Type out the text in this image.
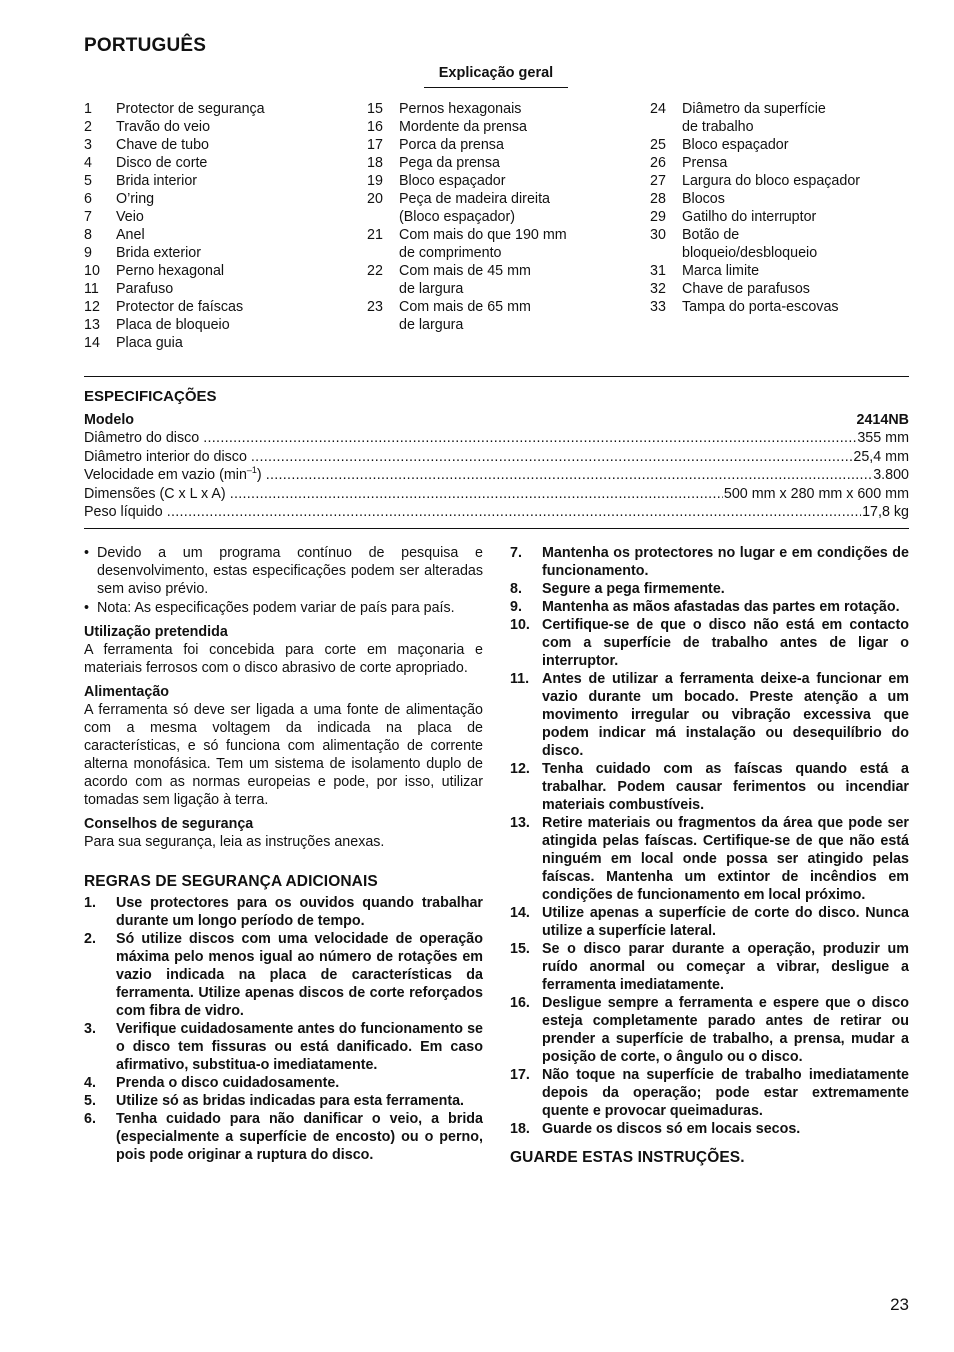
PORTUGUÊS
Explicação geral
1	Protector de segurança
2	Travão do veio
3	Chave de tubo
4	Disco de corte
5	Brida interior
6	O’ring
7	Veio
8	Anel
9	Brida exterior
10	Perno hexagonal
11	Parafuso
12	Protector de faíscas
13	Placa de bloqueio
14	Placa guia
15	Pernos hexagonais
16	Mordente da prensa
17	Porca da prensa
18	Pega da prensa
19	Bloco espaçador
20	Peça de madeira direita
(Bloco espaçador)
21	Com mais do que 190 mm
de comprimento
22	Com mais de 45 mm
de largura
23	Com mais de 65 mm
de largura
24	Diâmetro da superfície
de trabalho
25	Bloco espaçador
26	Prensa
27	Largura do bloco espaçador
28	Blocos
29	Gatilho do interruptor
30	Botão de
bloqueio/desbloqueio
31	Marca limite
32	Chave de parafusos
33	Tampa do porta-escovas
ESPECIFICAÇÕES
Modelo	2414NB
Diâmetro do disco .....	355 mm
Diâmetro interior do disco .....	25,4 mm
Velocidade em vazio $(\min^{-1})$ .....	3.800
Dimensões (C x L x A) .....	500 mm x 280 mm x 600 mm
Peso líquido .....	17,8 kg
• Devido a um programa contínuo de pesquisa e desenvolvimento, estas especificações podem ser alteradas sem aviso prévio.
• Nota: As especificações podem variar de país para país.
Utilização pretendida
A ferramenta foi concebida para corte em maçonaria e materiais ferrosos com o disco abrasivo de corte apropriado.
Alimentação
A ferramenta só deve ser ligada a uma fonte de alimentação com a mesma voltagem da indicada na placa de características, e só funciona com alimentação de corrente alterna monofásica. Tem um sistema de isolamento duplo de acordo com as normas europeias e pode, por isso, utilizar tomadas sem ligação à terra.
Conselhos de segurança
Para sua segurança, leia as instruções anexas.
REGRAS DE SEGURANÇA ADICIONAIS
1.	Use protectores para os ouvidos quando trabalhar durante um longo período de tempo.
2.	Só utilize discos com uma velocidade de operação máxima pelo menos igual ao número de rotações em vazio indicada na placa de características da ferramenta. Utilize apenas discos de corte reforçados com fibra de vidro.
3.	Verifique cuidadosamente antes do funcionamento se o disco tem fissuras ou está danificado. Em caso afirmativo, substitua-o imediatamente.
4.	Prenda o disco cuidadosamente.
5.	Utilize só as bridas indicadas para esta ferramenta.
6.	Tenha cuidado para não danificar o veio, a brida (especialmente a superfície de encosto) ou o perno, pois pode originar a ruptura do disco.
7.	Mantenha os protectores no lugar e em condições de funcionamento.
8.	Segure a pega firmemente.
9.	Mantenha as mãos afastadas das partes em rotação.
10. Certifique-se de que o disco não está em contacto com a superfície de trabalho antes de ligar o interruptor.
11. Antes de utilizar a ferramenta deixe-a funcionar em vazio durante um bocado. Preste atenção a um movimento irregular ou vibração excessiva que podem indicar má instalação ou desequilíbrio do disco.
12. Tenha cuidado com as faíscas quando está a trabalhar. Podem causar ferimentos ou incendiar materiais combustíveis.
13. Retire materiais ou fragmentos da área que pode ser atingida pelas faíscas. Certifique-se de que não está ninguém em local onde possa ser atingido pelas faíscas. Mantenha um extintor de incêndios em condições de funcionamento em local próximo.
14. Utilize apenas a superfície de corte do disco. Nunca utilize a superfície lateral.
15. Se o disco parar durante a operação, produzir um ruído anormal ou começar a vibrar, desligue a ferramenta imediatamente.
16. Desligue sempre a ferramenta e espere que o disco esteja completamente parado antes de retirar ou prender a superfície de trabalho, a prensa, mudar a posição de corte, o ângulo ou o disco.
17. Não toque na superfície de trabalho imediatamente depois da operação; pode estar extremamente quente e provocar queimaduras.
18. Guarde os discos só em locais secos.
GUARDE ESTAS INSTRUÇÕES.
23
